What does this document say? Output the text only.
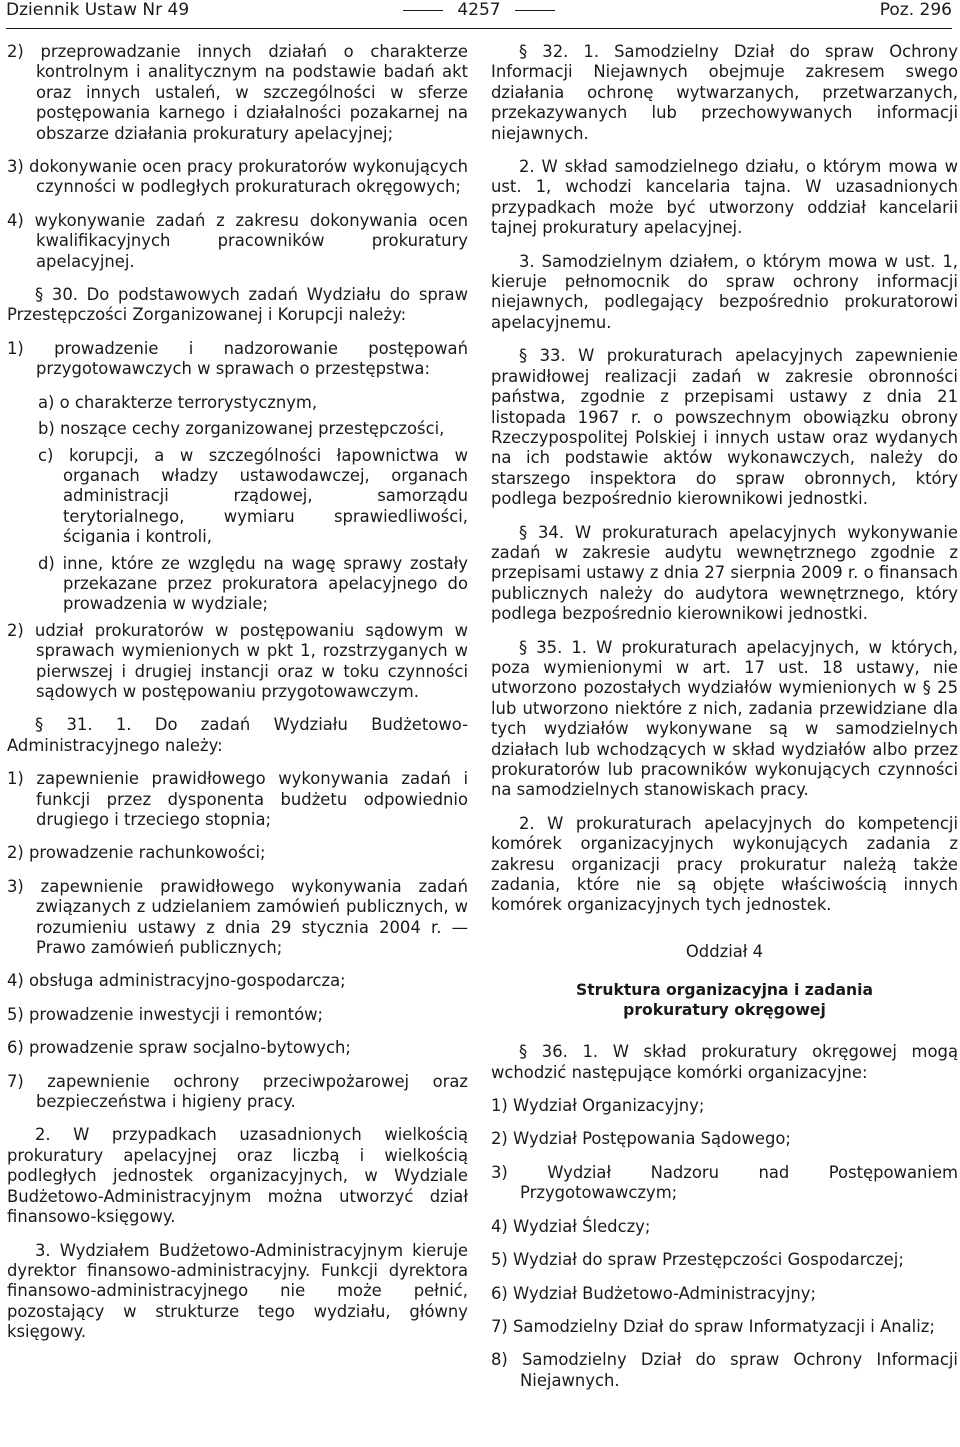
Dziennik Ustaw Nr 49	4257	Poz. 296

2) przeprowadzanie innych działań o charakterze kontrolnym i analitycznym na podstawie badań akt oraz innych ustaleń, w szczególności w sferze postępowania karnego i działalności pozakarnej na obszarze działania prokuratury apelacyjnej;

3) dokonywanie ocen pracy prokuratorów wykonujących czynności w podległych prokuraturach okręgowych;

4) wykonywanie zadań z zakresu dokonywania ocen kwalifikacyjnych pracowników prokuratury apelacyjnej.

§ 30. Do podstawowych zadań Wydziału do spraw Przestępczości Zorganizowanej i Korupcji należy:

1) prowadzenie i nadzorowanie postępowań przygotowawczych w sprawach o przestępstwa:

a) o charakterze terrorystycznym,

b) noszące cechy zorganizowanej przestępczości,

c) korupcji, a w szczególności łapownictwa w organach władzy ustawodawczej, organach administracji rządowej, samorządu terytorialnego, wymiaru sprawiedliwości, ścigania i kontroli,

d) inne, które ze względu na wagę sprawy zostały przekazane przez prokuratora apelacyjnego do prowadzenia w wydziale;

2) udział prokuratorów w postępowaniu sądowym w sprawach wymienionych w pkt 1, rozstrzyganych w pierwszej i drugiej instancji oraz w toku czynności sądowych w postępowaniu przygotowawczym.

§ 31. 1. Do zadań Wydziału Budżetowo-Administracyjnego należy:

1) zapewnienie prawidłowego wykonywania zadań i funkcji przez dysponenta budżetu odpowiednio drugiego i trzeciego stopnia;

2) prowadzenie rachunkowości;

3) zapewnienie prawidłowego wykonywania zadań związanych z udzielaniem zamówień publicznych, w rozumieniu ustawy z dnia 29 stycznia 2004 r. — Prawo zamówień publicznych;

4) obsługa administracyjno-gospodarcza;

5) prowadzenie inwestycji i remontów;

6) prowadzenie spraw socjalno-bytowych;

7) zapewnienie ochrony przeciwpożarowej oraz bezpieczeństwa i higieny pracy.

2. W przypadkach uzasadnionych wielkością prokuratury apelacyjnej oraz liczbą i wielkością podległych jednostek organizacyjnych, w Wydziale Budżetowo-Administracyjnym można utworzyć dział finansowo-księgowy.

3. Wydziałem Budżetowo-Administracyjnym kieruje dyrektor finansowo-administracyjny. Funkcji dyrektora finansowo-administracyjnego nie może pełnić, pozostający w strukturze tego wydziału, główny księgowy.

§ 32. 1. Samodzielny Dział do spraw Ochrony Informacji Niejawnych obejmuje zakresem swego działania ochronę wytwarzanych, przetwarzanych, przekazywanych lub przechowywanych informacji niejawnych.

2. W skład samodzielnego działu, o którym mowa w ust. 1, wchodzi kancelaria tajna. W uzasadnionych przypadkach może być utworzony oddział kancelarii tajnej prokuratury apelacyjnej.

3. Samodzielnym działem, o którym mowa w ust. 1, kieruje pełnomocnik do spraw ochrony informacji niejawnych, podlegający bezpośrednio prokuratorowi apelacyjnemu.

§ 33. W prokuraturach apelacyjnych zapewnienie prawidłowej realizacji zadań w zakresie obronności państwa, zgodnie z przepisami ustawy z dnia 21 listopada 1967 r. o powszechnym obowiązku obrony Rzeczypospolitej Polskiej i innych ustaw oraz wydanych na ich podstawie aktów wykonawczych, należy do starszego inspektora do spraw obronnych, który podlega bezpośrednio kierownikowi jednostki.

§ 34. W prokuraturach apelacyjnych wykonywanie zadań w zakresie audytu wewnętrznego zgodnie z przepisami ustawy z dnia 27 sierpnia 2009 r. o finansach publicznych należy do audytora wewnętrznego, który podlega bezpośrednio kierownikowi jednostki.

§ 35. 1. W prokuraturach apelacyjnych, w których, poza wymienionymi w art. 17 ust. 18 ustawy, nie utworzono pozostałych wydziałów wymienionych w § 25 lub utworzono niektóre z nich, zadania przewidziane dla tych wydziałów wykonywane są w samodzielnych działach lub wchodzących w skład wydziałów albo przez prokuratorów lub pracowników wykonujących czynności na samodzielnych stanowiskach pracy.

2. W prokuraturach apelacyjnych do kompetencji komórek organizacyjnych wykonujących zadania z zakresu organizacji pracy prokuratur należą także zadania, które nie są objęte właściwością innych komórek organizacyjnych tych jednostek.

Oddział 4

Struktura organizacyjna i zadania prokuratury okręgowej

§ 36. 1. W skład prokuratury okręgowej mogą wchodzić następujące komórki organizacyjne:

1) Wydział Organizacyjny;

2) Wydział Postępowania Sądowego;

3) Wydział Nadzoru nad Postępowaniem Przygotowawczym;

4) Wydział Śledczy;

5) Wydział do spraw Przestępczości Gospodarczej;

6) Wydział Budżetowo-Administracyjny;

7) Samodzielny Dział do spraw Informatyzacji i Analiz;

8) Samodzielny Dział do spraw Ochrony Informacji Niejawnych.
